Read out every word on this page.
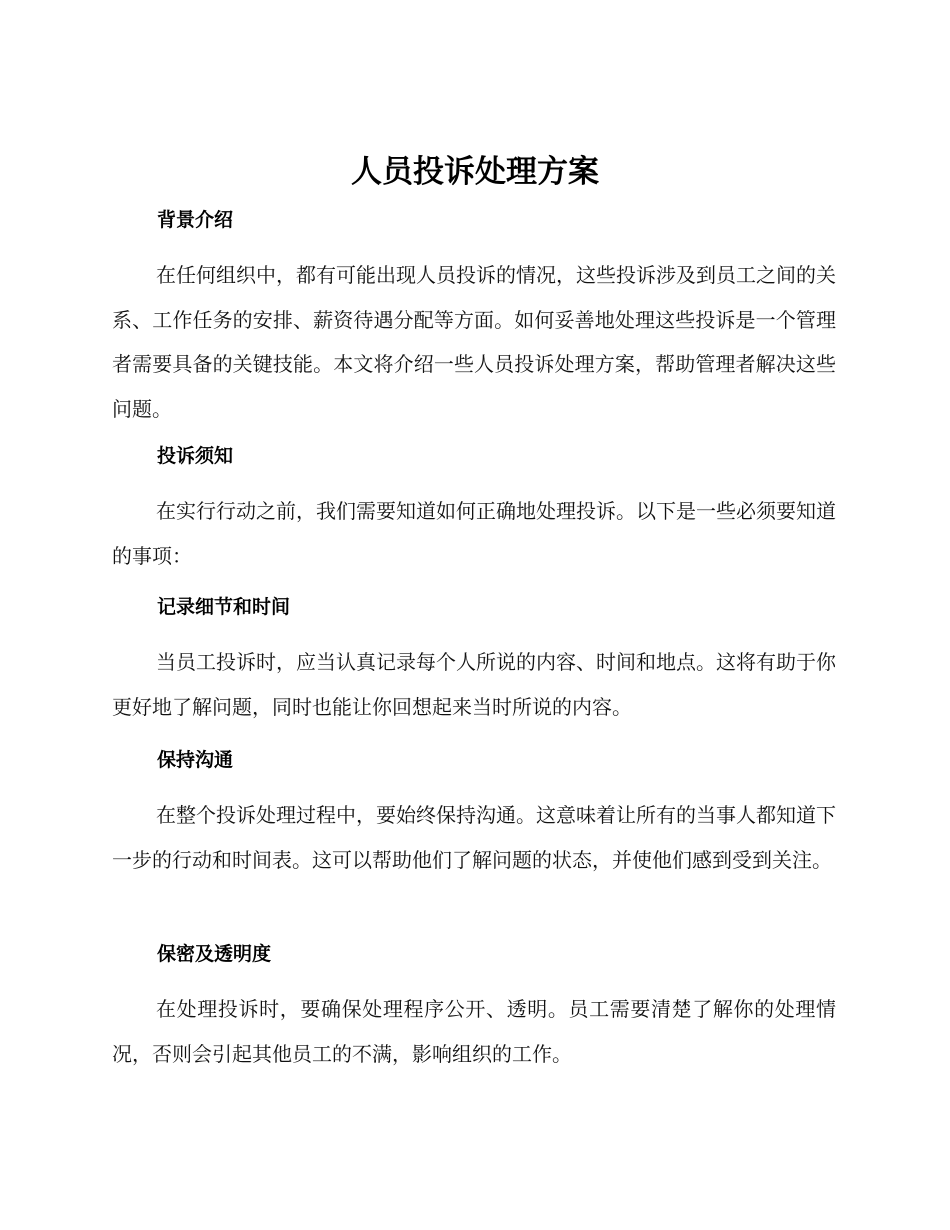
人员投诉处理方案
背景介绍

在任何组织中，都有可能出现人员投诉的情况，这些投诉涉及到员工之间的关系、工作任务的安排、薪资待遇分配等方面。如何妥善地处理这些投诉是一个管理者需要具备的关键技能。本文将介绍一些人员投诉处理方案，帮助管理者解决这些问题。

投诉须知

在实行行动之前，我们需要知道如何正确地处理投诉。以下是一些必须要知道的事项：

记录细节和时间

当员工投诉时，应当认真记录每个人所说的内容、时间和地点。这将有助于你更好地了解问题，同时也能让你回想起来当时所说的内容。

保持沟通

在整个投诉处理过程中，要始终保持沟通。这意味着让所有的当事人都知道下一步的行动和时间表。这可以帮助他们了解问题的状态，并使他们感到受到关注。

保密及透明度

在处理投诉时，要确保处理程序公开、透明。员工需要清楚了解你的处理情况，否则会引起其他员工的不满，影响组织的工作。
